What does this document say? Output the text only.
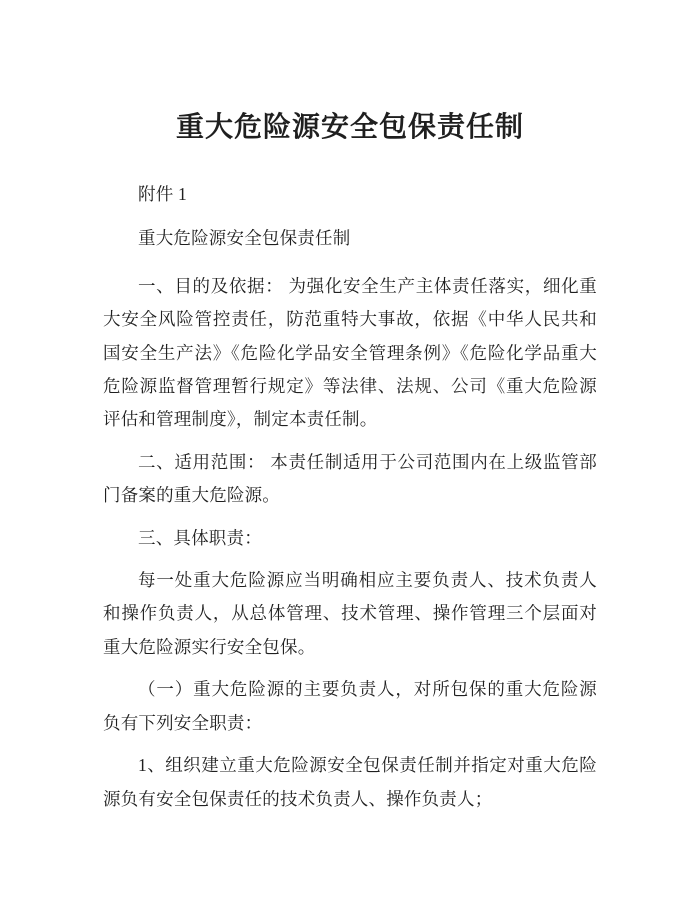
重大危险源安全包保责任制

附件 1

重大危险源安全包保责任制

一、目的及依据： 为强化安全生产主体责任落实，细化重大安全风险管控责任，防范重特大事故，依据《中华人民共和国安全生产法》《危险化学品安全管理条例》《危险化学品重大危险源监督管理暂行规定》等法律、法规、公司《重大危险源评估和管理制度》，制定本责任制。

二、适用范围： 本责任制适用于公司范围内在上级监管部门备案的重大危险源。

三、具体职责：

每一处重大危险源应当明确相应主要负责人、技术负责人和操作负责人，从总体管理、技术管理、操作管理三个层面对重大危险源实行安全包保。

（一）重大危险源的主要负责人，对所包保的重大危险源负有下列安全职责：

1、组织建立重大危险源安全包保责任制并指定对重大危险源负有安全包保责任的技术负责人、操作负责人；
